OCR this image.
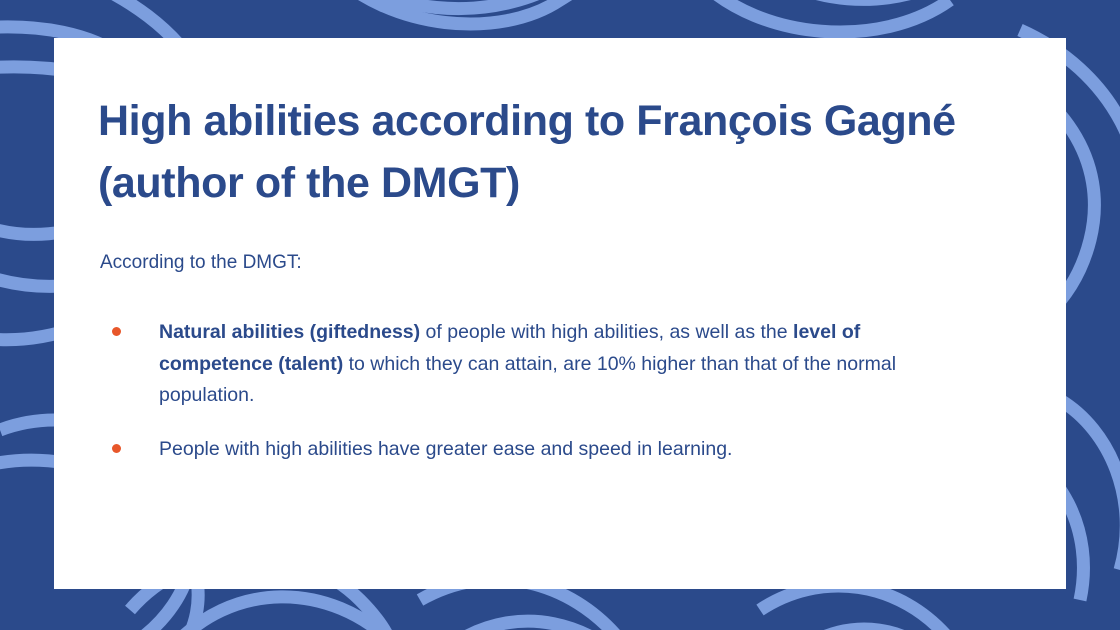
High abilities according to François Gagné (author of the DMGT)
According to the DMGT:
Natural abilities (giftedness) of people with high abilities, as well as the level of competence (talent) to which they can attain, are 10% higher than that of the normal population.
People with high abilities have greater ease and speed in learning.
